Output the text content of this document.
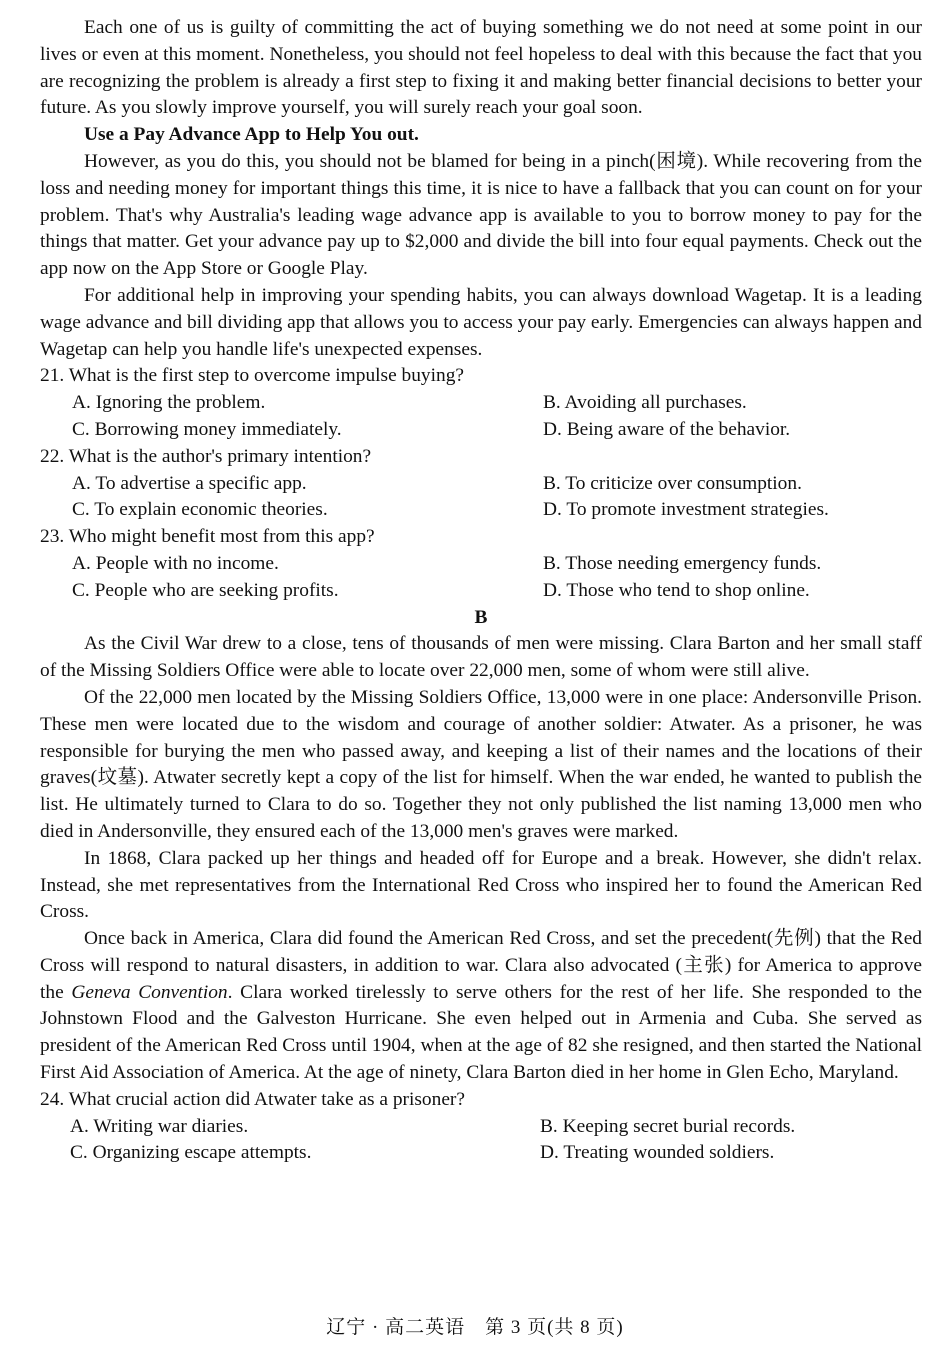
Each one of us is guilty of committing the act of buying something we do not need at some point in our lives or even at this moment. Nonetheless, you should not feel hopeless to deal with this because the fact that you are recognizing the problem is already a first step to fixing it and making better financial decisions to better your future. As you slowly improve yourself, you will surely reach your goal soon.

Use a Pay Advance App to Help You out.

However, as you do this, you should not be blamed for being in a pinch(困境). While recovering from the loss and needing money for important things this time, it is nice to have a fallback that you can count on for your problem. That's why Australia's leading wage advance app is available to you to borrow money to pay for the things that matter. Get your advance pay up to $2,000 and divide the bill into four equal payments. Check out the app now on the App Store or Google Play.

For additional help in improving your spending habits, you can always download Wagetap. It is a leading wage advance and bill dividing app that allows you to access your pay early. Emergencies can always happen and Wagetap can help you handle life's unexpected expenses.

21. What is the first step to overcome impulse buying?

A. Ignoring the problem.	B. Avoiding all purchases.
C. Borrowing money immediately.	D. Being aware of the behavior.

22. What is the author's primary intention?

A. To advertise a specific app.	B. To criticize over consumption.
C. To explain economic theories.	D. To promote investment strategies.

23. Who might benefit most from this app?

A. People with no income.	B. Those needing emergency funds.
C. People who are seeking profits.	D. Those who tend to shop online.

B

As the Civil War drew to a close, tens of thousands of men were missing. Clara Barton and her small staff of the Missing Soldiers Office were able to locate over 22,000 men, some of whom were still alive.

Of the 22,000 men located by the Missing Soldiers Office, 13,000 were in one place: Andersonville Prison. These men were located due to the wisdom and courage of another soldier: Atwater. As a prisoner, he was responsible for burying the men who passed away, and keeping a list of their names and the locations of their graves(坟墓). Atwater secretly kept a copy of the list for himself. When the war ended, he wanted to publish the list. He ultimately turned to Clara to do so. Together they not only published the list naming 13,000 men who died in Andersonville, they ensured each of the 13,000 men's graves were marked.

In 1868, Clara packed up her things and headed off for Europe and a break. However, she didn't relax. Instead, she met representatives from the International Red Cross who inspired her to found the American Red Cross.

Once back in America, Clara did found the American Red Cross, and set the precedent(先例) that the Red Cross will respond to natural disasters, in addition to war. Clara also advocated (主张) for America to approve the Geneva Convention. Clara worked tirelessly to serve others for the rest of her life. She responded to the Johnstown Flood and the Galveston Hurricane. She even helped out in Armenia and Cuba. She served as president of the American Red Cross until 1904, when at the age of 82 she resigned, and then started the National First Aid Association of America. At the age of ninety, Clara Barton died in her home in Glen Echo, Maryland.

24. What crucial action did Atwater take as a prisoner?

A. Writing war diaries.	B. Keeping secret burial records.
C. Organizing escape attempts.	D. Treating wounded soldiers.
辽宁 · 高二英语　第 3 页(共 8 页)
